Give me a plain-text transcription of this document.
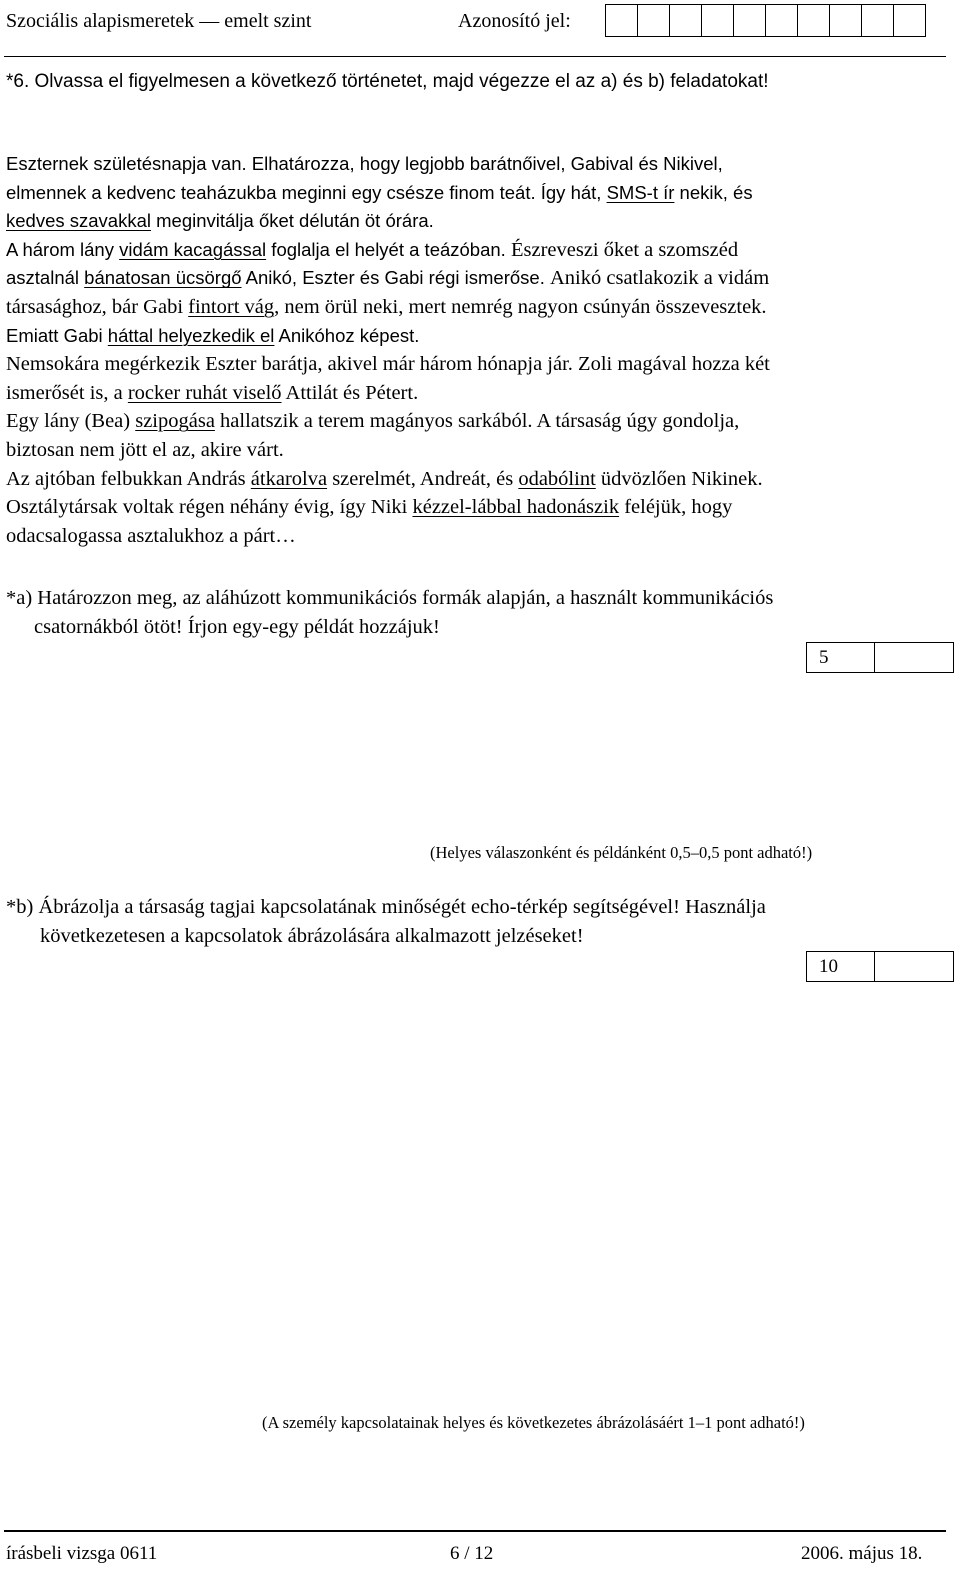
Szociális alapismeretek — emelt szint	Azonosító jel:
*6. Olvassa el figyelmesen a következő történetet, majd végezze el az a) és b) feladatokat!
Eszternek születésnapja van. Elhatározza, hogy legjobb barátnőivel, Gabival és Nikivel,
elmennek a kedvenc teaházukba meginni egy csésze finom teát. Így hát, SMS-t ír nekik, és
kedves szavakkal meginvitálja őket délután öt órára.
A három lány vidám kacagással foglalja el helyét a teázóban. Észreveszi őket a szomszéd
asztalnál bánatosan ücsörgő Anikó, Eszter és Gabi régi ismerőse. Anikó csatlakozik a vidám
társasághoz, bár Gabi fintort vág, nem örül neki, mert nemrég nagyon csúnyán összevesztek.
Emiatt Gabi háttal helyezkedik el Anikóhoz képest.
Nemsokára megérkezik Eszter barátja, akivel már három hónapja jár. Zoli magával hozza két
ismerősét is, a rocker ruhát viselő Attilát és Pétert.
Egy lány (Bea) szipogása hallatszik a terem magányos sarkából. A társaság úgy gondolja,
biztosan nem jött el az, akire várt.
Az ajtóban felbukkan András átkarolva szerelmét, Andreát, és odabólint üdvözlően Nikinek.
Osztálytársak voltak régen néhány évig, így Niki kézzel-lábbal hadonászik feléjük, hogy
odacsalogassa asztalukhoz a párt…
*a) Határozzon meg, az aláhúzott kommunikációs formák alapján, a használt kommunikációs
csatornákból ötöt! Írjon egy-egy példát hozzájuk!
5
(Helyes válaszonként és példánként 0,5–0,5 pont adható!)
*b) Ábrázolja a társaság tagjai kapcsolatának minőségét echo-térkép segítségével! Használja
következetesen a kapcsolatok ábrázolására alkalmazott jelzéseket!
10
(A személy kapcsolatainak helyes és következetes ábrázolásáért 1–1 pont adható!)
írásbeli vizsga 0611	6 / 12	2006. május 18.
